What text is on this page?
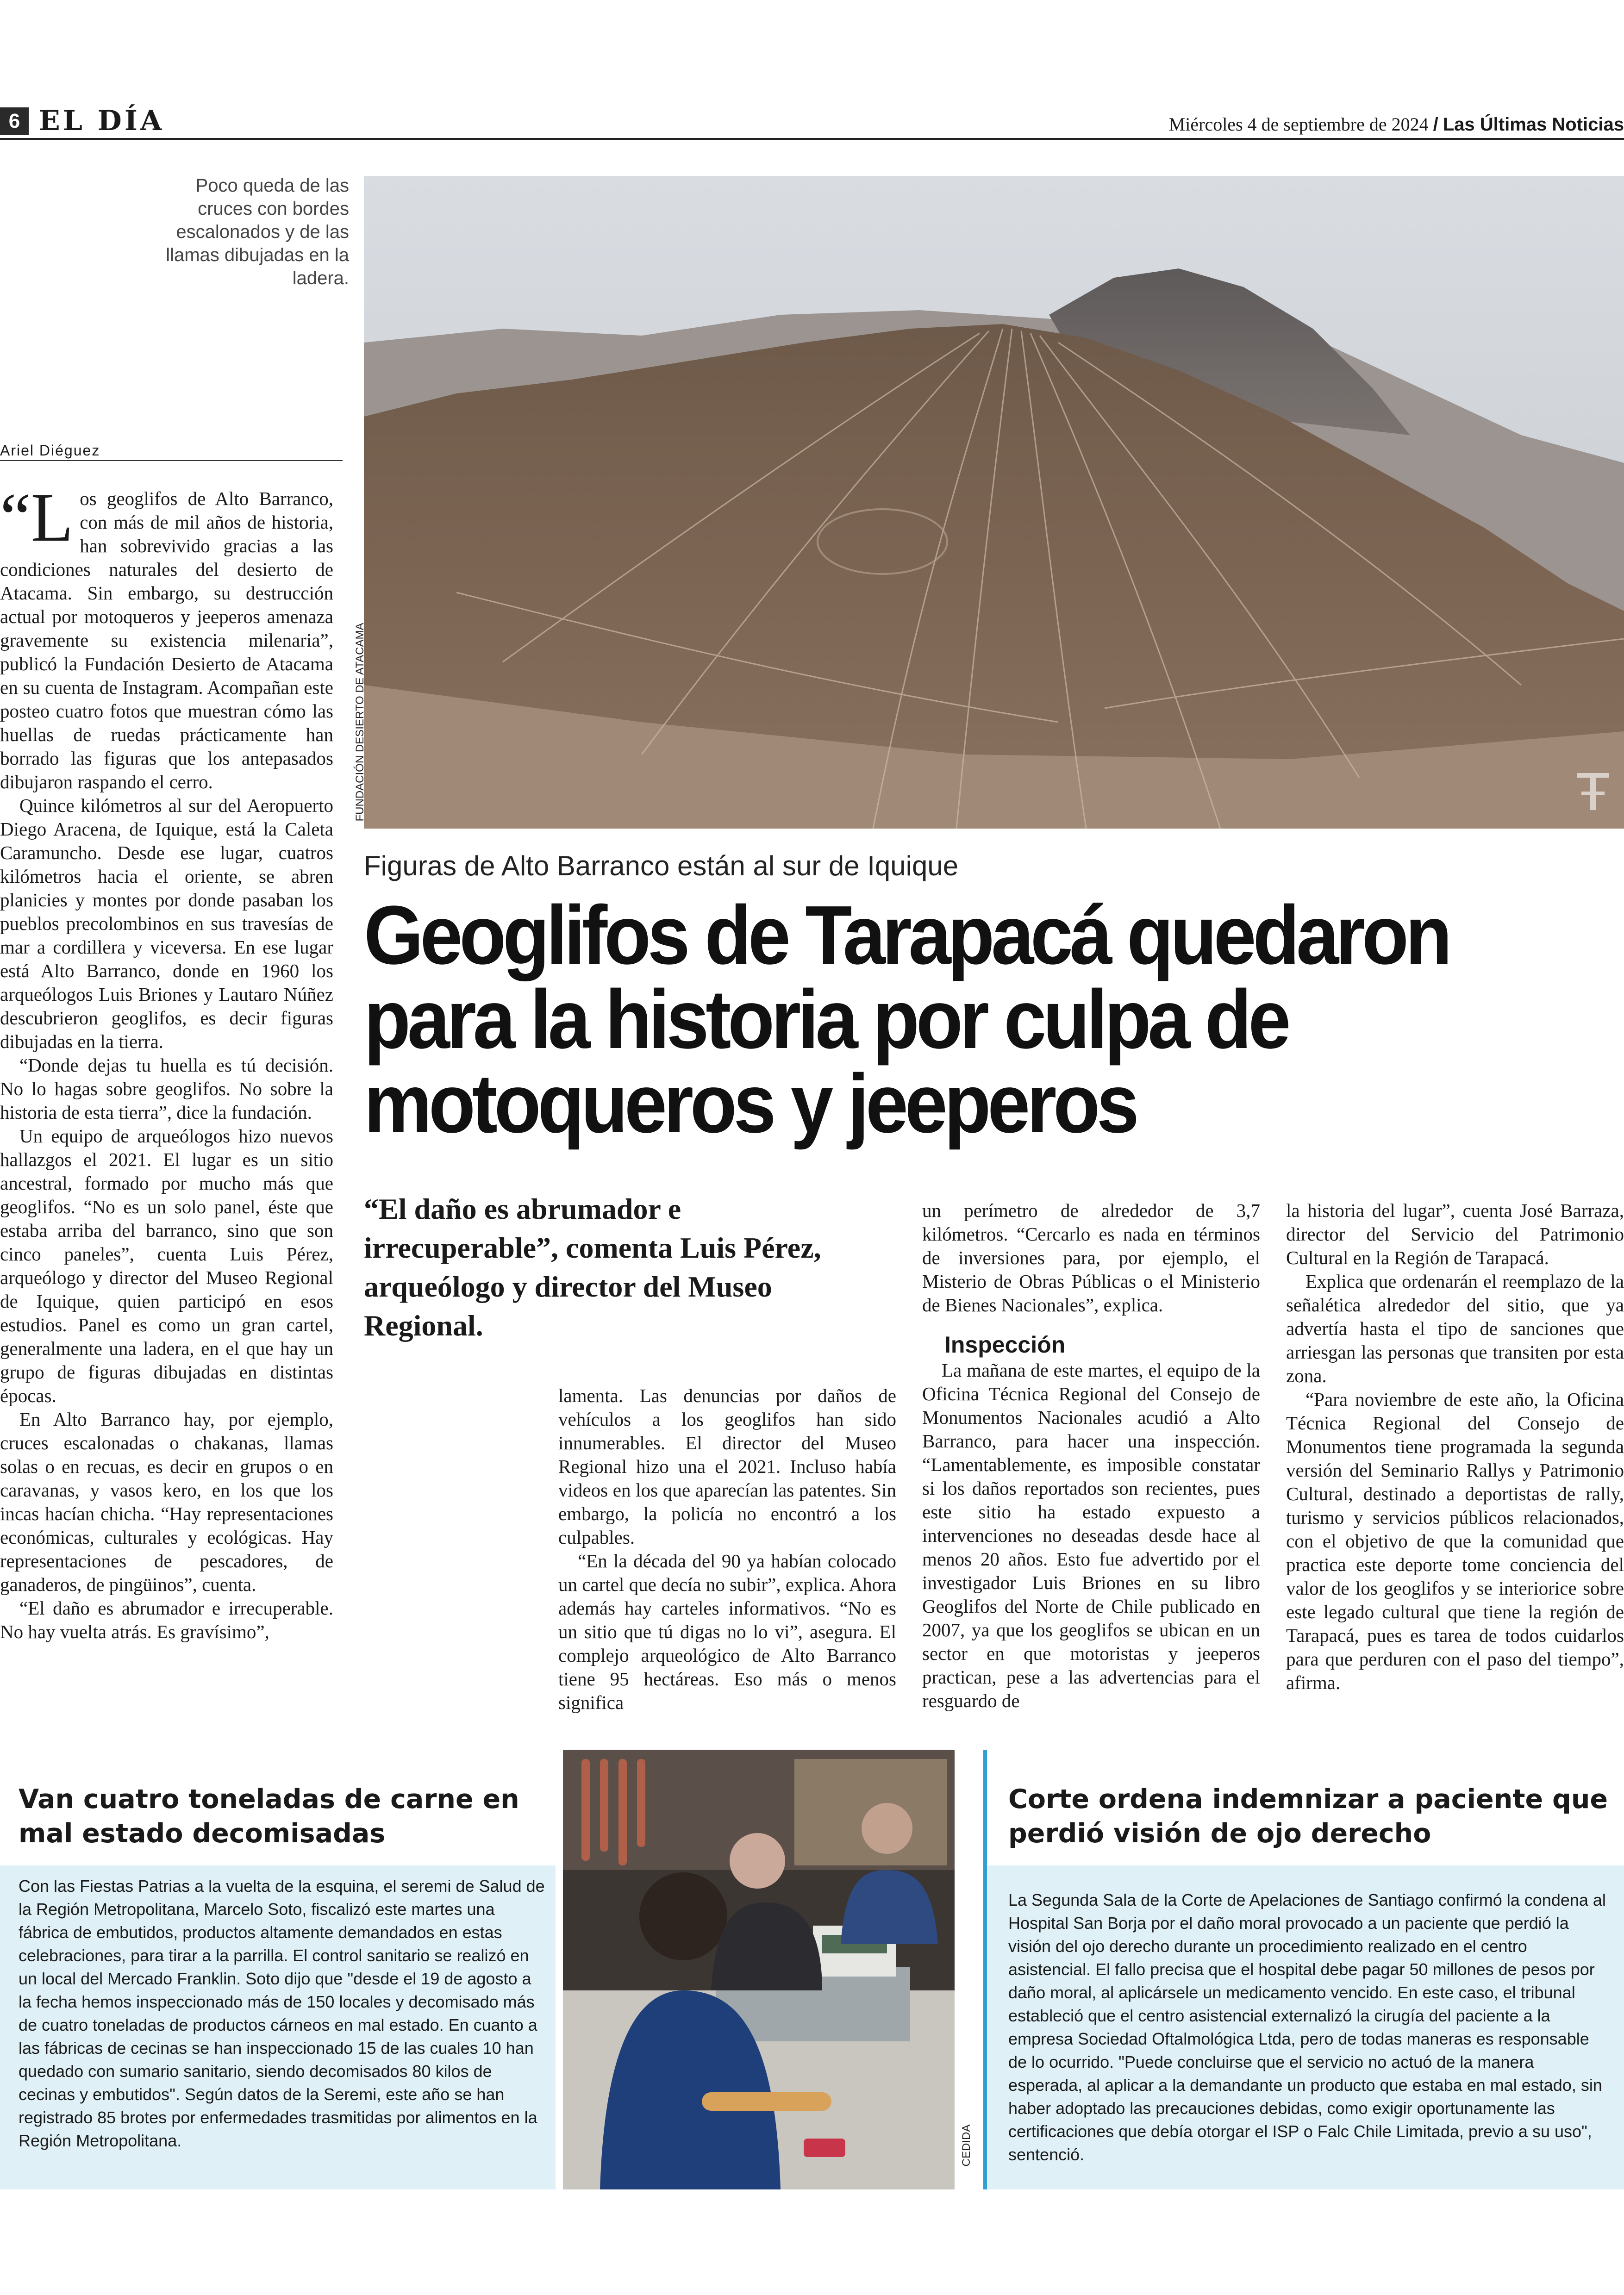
6 EL DÍA	Miércoles 4 de septiembre de 2024 / Las Últimas Noticias
Poco queda de las cruces con bordes escalonados y de las llamas dibujadas en la ladera.
FUNDACIÓN DESIERTO DE ATACAMA
Ariel Diéguez

“Los geoglifos de Alto Barranco, con más de mil años de historia, han sobrevivido gracias a las condiciones naturales del desierto de Atacama. Sin embargo, su destrucción actual por motoqueros y jeeperos amenaza gravemente su existencia milenaria”, publicó la Fundación Desierto de Atacama en su cuenta de Instagram. Acompañan este posteo cuatro fotos que muestran cómo las huellas de ruedas prácticamente han borrado las figuras que los antepasados dibujaron raspando el cerro.

Quince kilómetros al sur del Aeropuerto Diego Aracena, de Iquique, está la Caleta Caramuncho. Desde ese lugar, cuatros kilómetros hacia el oriente, se abren planicies y montes por donde pasaban los pueblos precolombinos en sus travesías de mar a cordillera y viceversa. En ese lugar está Alto Barranco, donde en 1960 los arqueólogos Luis Briones y Lautaro Núñez descubrieron geoglifos, es decir figuras dibujadas en la tierra.

“Donde dejas tu huella es tú decisión. No lo hagas sobre geoglifos. No sobre la historia de esta tierra”, dice la fundación.

Un equipo de arqueólogos hizo nuevos hallazgos el 2021. El lugar es un sitio ancestral, formado por mucho más que geoglifos. “No es un solo panel, éste que estaba arriba del barranco, sino que son cinco paneles”, cuenta Luis Pérez, arqueólogo y director del Museo Regional de Iquique, quien participó en esos estudios. Panel es como un gran cartel, generalmente una ladera, en el que hay un grupo de figuras dibujadas en distintas épocas.

En Alto Barranco hay, por ejemplo, cruces escalonadas o chakanas, llamas solas o en recuas, es decir en grupos o en caravanas, y vasos kero, en los que los incas hacían chicha. “Hay representaciones económicas, culturales y ecológicas. Hay representaciones de pescadores, de ganaderos, de pingüinos”, cuenta.

“El daño es abrumador e irrecuperable. No hay vuelta atrás. Es gravísimo”,

Figuras de Alto Barranco están al sur de Iquique
Geoglifos de Tarapacá quedaron para la historia por culpa de motoqueros y jeeperos

“El daño es abrumador e irrecuperable”, comenta Luis Pérez, arqueólogo y director del Museo Regional.

lamenta. Las denuncias por daños de vehículos a los geoglifos han sido innumerables. El director del Museo Regional hizo una el 2021. Incluso había videos en los que aparecían las patentes. Sin embargo, la policía no encontró a los culpables.

“En la década del 90 ya habían colocado un cartel que decía no subir”, explica. Ahora además hay carteles informativos. “No es un sitio que tú digas no lo vi”, asegura. El complejo arqueológico de Alto Barranco tiene 95 hectáreas. Eso más o menos significa

un perímetro de alrededor de 3,7 kilómetros. “Cercarlo es nada en términos de inversiones para, por ejemplo, el Misterio de Obras Públicas o el Ministerio de Bienes Nacionales”, explica.

Inspección

La mañana de este martes, el equipo de la Oficina Técnica Regional del Consejo de Monumentos Nacionales acudió a Alto Barranco, para hacer una inspección. “Lamentablemente, es imposible constatar si los daños reportados son recientes, pues este sitio ha estado expuesto a intervenciones no deseadas desde hace al menos 20 años. Esto fue advertido por el investigador Luis Briones en su libro Geoglifos del Norte de Chile publicado en 2007, ya que los geoglifos se ubican en un sector en que motoristas y jeeperos practican, pese a las advertencias para el resguardo de

la historia del lugar”, cuenta José Barraza, director del Servicio del Patrimonio Cultural en la Región de Tarapacá.

Explica que ordenarán el reemplazo de la señalética alrededor del sitio, que ya advertía hasta el tipo de sanciones que arriesgan las personas que transiten por esta zona.

“Para noviembre de este año, la Oficina Técnica Regional del Consejo de Monumentos tiene programada la segunda versión del Seminario Rallys y Patrimonio Cultural, destinado a deportistas de rally, turismo y servicios públicos relacionados, con el objetivo de que la comunidad que practica este deporte tome conciencia del valor de los geoglifos y se interiorice sobre este legado cultural que tiene la región de Tarapacá, pues es tarea de todos cuidarlos para que perduren con el paso del tiempo”, afirma.

Van cuatro toneladas de carne en mal estado decomisadas

Con las Fiestas Patrias a la vuelta de la esquina, el seremi de Salud de la Región Metropolitana, Marcelo Soto, fiscalizó este martes una fábrica de embutidos, productos altamente demandados en estas celebraciones, para tirar a la parrilla. El control sanitario se realizó en un local del Mercado Franklin. Soto dijo que "desde el 19 de agosto a la fecha hemos inspeccionado más de 150 locales y decomisado más de cuatro toneladas de productos cárneos en mal estado. En cuanto a las fábricas de cecinas se han inspeccionado 15 de las cuales 10 han quedado con sumario sanitario, siendo decomisados 80 kilos de cecinas y embutidos". Según datos de la Seremi, este año se han registrado 85 brotes por enfermedades trasmitidas por alimentos en la Región Metropolitana.	CEDIDA
Corte ordena indemnizar a paciente que perdió visión de ojo derecho

La Segunda Sala de la Corte de Apelaciones de Santiago confirmó la condena al Hospital San Borja por el daño moral provocado a un paciente que perdió la visión del ojo derecho durante un procedimiento realizado en el centro asistencial. El fallo precisa que el hospital debe pagar 50 millones de pesos por daño moral, al aplicársele un medicamento vencido. En este caso, el tribunal estableció que el centro asistencial externalizó la cirugía del paciente a la empresa Sociedad Oftalmológica Ltda, pero de todas maneras es responsable de lo ocurrido. "Puede concluirse que el servicio no actuó de la manera esperada, al aplicar a la demandante un producto que estaba en mal estado, sin haber adoptado las precauciones debidas, como exigir oportunamente las certificaciones que debía otorgar el ISP o Falc Chile Limitada, previo a su uso", sentenció.
